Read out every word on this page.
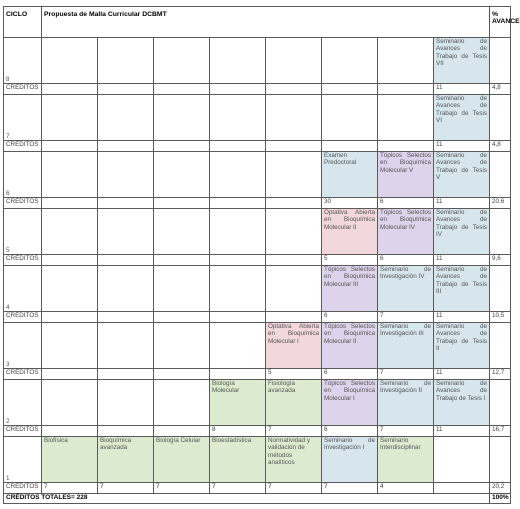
CICLO	Propuesta de Malla Curricular DCBMT								%
AVANCE
8								Seminario de Avances de Trabajo de Tesis VII	
CRÉDITOS								11	4,8
7								Seminario de Avances de Trabajo de Tesis VI	
CRÉDITOS								11	4,8
6						Examen Predoctoral	Tópicos Selectos en Bioquímica Molecular V	Seminario de Avances de Trabajo de Tesis V	
CRÉDITOS						30	6	11	20,6
5						Optativa Abierta en Bioquímica Molecular II	Tópicos Selectos en Bioquímica Molecular IV	Seminario de Avances de Trabajo de Tesis IV	
CRÉDITOS						5	6	11	9,6
4						Tópicos Selectos en Bioquímica Molecular III	Seminario de Investigación IV	Seminario de Avances de Trabajo de Tesis III	
CRÉDITOS						6	7	11	10,5
3					Optativa Abierta en Bioquímica Molecular I	Tópicos Selectos en Bioquímica Molecular II	Seminario de Investigación III	Seminario de Avances de Trabajo de Tesis II	
CRÉDITOS					5	6	7	11	12,7
2				Biología Molecular	Fisiología avanzada	Tópicos Selectos en Bioquímica Molecular I	Seminario de Investigación II	Seminario de Avances de Trabajo de Tesis I	
CRÉDITOS				8	7	6	7	11	16,7
1	Biofísica	Bioquímica avanzada	Biología Celular	Bioestadística	Normatividad y validación de métodos analíticos	Seminario de Investigación I	Seminario Interdisciplinar		
CRÉDITOS	7	7	7	7	7	7	4		20,2
CRÉDITOS TOTALES= 228									100%
